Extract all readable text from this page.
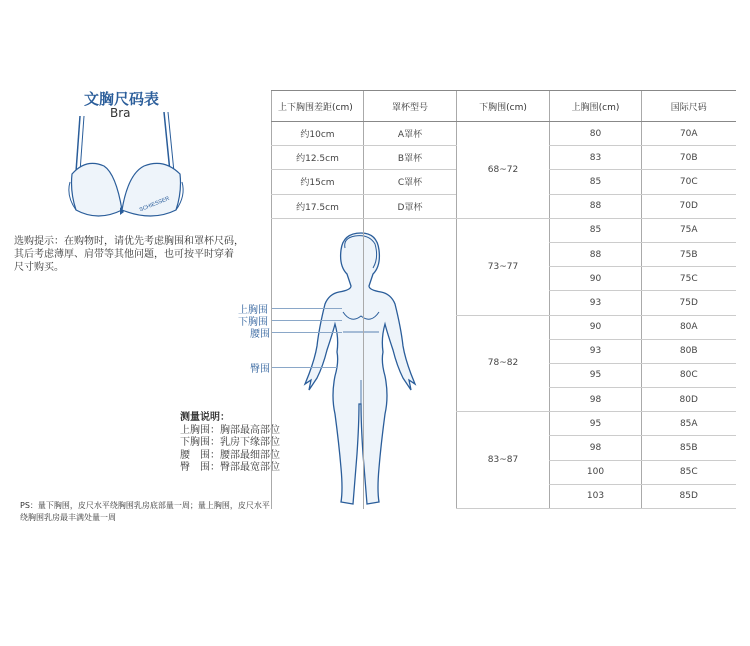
文胸尺码表
Bra
SCHIESSER
选购提示：在购物时，请优先考虑胸围和罩杯尺码，
其后考虑薄厚、肩带等其他问题，也可按平时穿着
尺寸购买。
上胸围
下胸围
腰围
臀围
测量说明：
上胸围：胸部最高部位
下胸围：乳房下缘部位
腰　围：腰部最细部位
臀　围：臀部最宽部位
PS：量下胸围，皮尺水平绕胸围乳房底部量一周；量上胸围，皮尺水平
绕胸围乳房最丰满处量一周
上下胸围差距(cm)	罩杯型号	下胸围(cm)	上胸围(cm)	国际尺码
约10cm	A罩杯	68~72	80	70A
约12.5cm	B罩杯		83	70B
约15cm	C罩杯		85	70C
约17.5cm	D罩杯		88	70D
		73~77	85	75A
			88	75B
			90	75C
			93	75D
		78~82	90	80A
			93	80B
			95	80C
			98	80D
		83~87	95	85A
			98	85B
			100	85C
			103	85D
